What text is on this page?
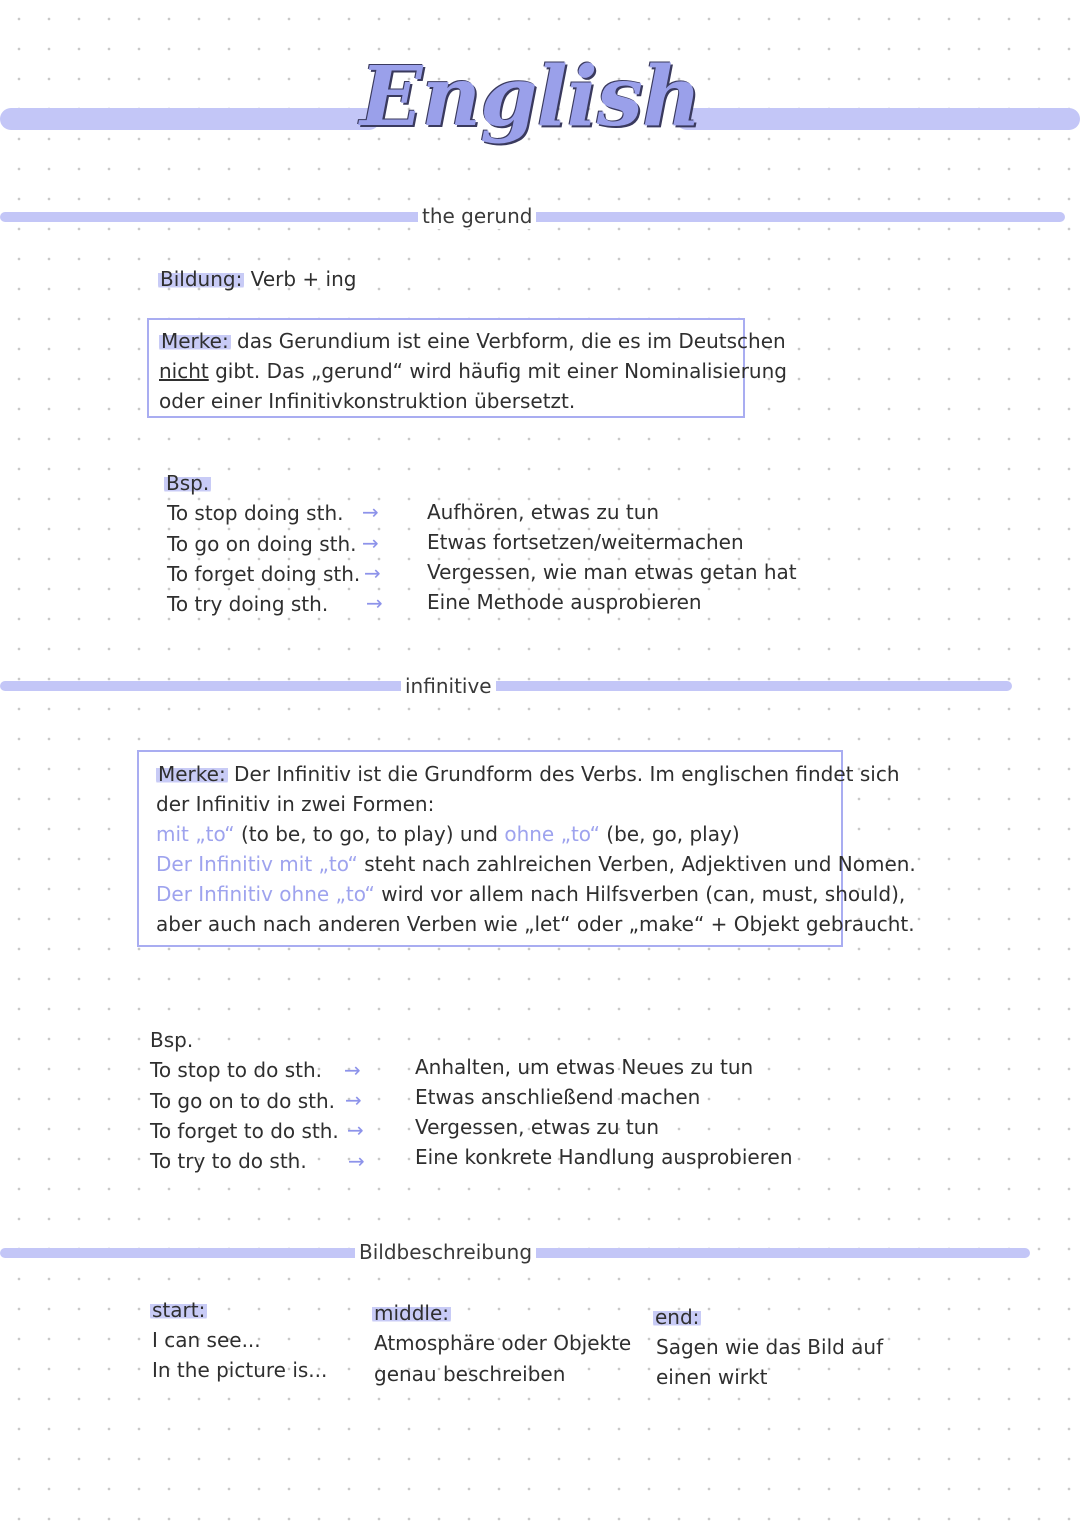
English
the gerund
Bildung: Verb + ing
Merke: das Gerundium ist eine Verbform, die es im Deutschen
nicht gibt. Das „gerund“ wird häufig mit einer Nominalisierung
oder einer Infinitivkonstruktion übersetzt.
Bsp.
To stop doing sth.
To go on doing sth.
To forget doing sth.
To try doing sth.
→
→
→
→
Aufhören, etwas zu tun
Etwas fortsetzen/weitermachen
Vergessen, wie man etwas getan hat
Eine Methode ausprobieren
infinitive
Merke: Der Infinitiv ist die Grundform des Verbs. Im englischen findet sich
der Infinitiv in zwei Formen:
mit „to“ (to be, to go, to play) und ohne „to“ (be, go, play)
Der Infinitiv mit „to“ steht nach zahlreichen Verben, Adjektiven und Nomen.
Der Infinitiv ohne „to“ wird vor allem nach Hilfsverben (can, must, should),
aber auch nach anderen Verben wie „let“ oder „make“ + Objekt gebraucht.
Bsp.
To stop to do sth.
To go on to do sth.
To forget to do sth.
To try to do sth.
→
→
→
→
Anhalten, um etwas Neues zu tun
Etwas anschließend machen
Vergessen, etwas zu tun
Eine konkrete Handlung ausprobieren
Bildbeschreibung
start:
I can see...
In the picture is...
middle:
Atmosphäre oder Objekte
genau beschreiben
end:
Sagen wie das Bild auf
einen wirkt
